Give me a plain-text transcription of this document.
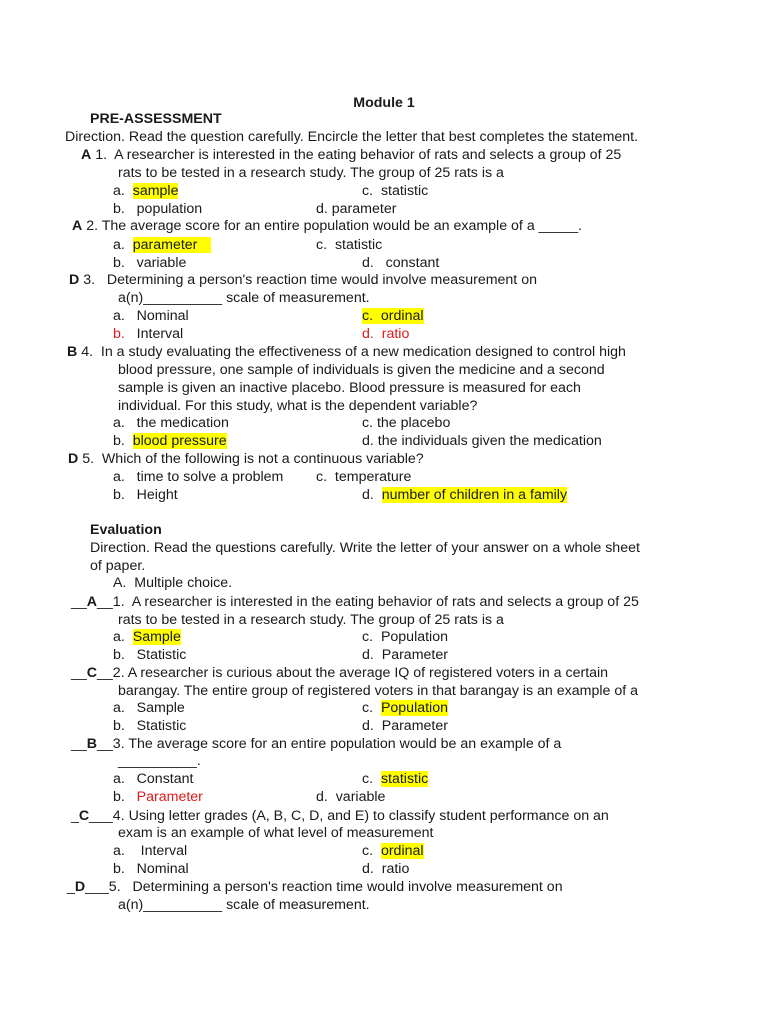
Module 1
PRE-ASSESSMENT
Direction. Read the question carefully. Encircle the letter that best completes the statement.
A 1.  A researcher is interested in the eating behavior of rats and selects a group of 25
rats to be tested in a research study. The group of 25 rats is a
a. sample	c. statistic
b. population	d. parameter
A 2. The average score for an entire population would be an example of a _____.
a. parameter	c. statistic
b. variable	d. constant
D 3.   Determining a person's reaction time would involve measurement on
a(n)__________ scale of measurement.
a. Nominal	c.  ordinal
b. Interval	d. ratio
B 4.  In a study evaluating the effectiveness of a new medication designed to control high
blood pressure, one sample of individuals is given the medicine and a second
sample is given an inactive placebo. Blood pressure is measured for each
individual. For this study, what is the dependent variable?
a. the medication	c. the placebo
b. blood pressure	d. the individuals given the medication
D 5.  Which of the following is not a continuous variable?
a. time to solve a problem c.  temperature
b. Height	d. number of children in a family
Evaluation
Direction. Read the questions carefully. Write the letter of your answer on a whole sheet
of paper.
A.  Multiple choice.
__A__1.  A researcher is interested in the eating behavior of rats and selects a group of 25
rats to be tested in a research study. The group of 25 rats is a
a. Sample	c. Population
b. Statistic	d. Parameter
__C__2. A researcher is curious about the average IQ of registered voters in a certain
barangay. The entire group of registered voters in that barangay is an example of a
a. Sample	c. Population
b. Statistic	d. Parameter
__B__3. The average score for an entire population would be an example of a
__________.
a. Constant	c. statistic
b. Parameter	d.  variable
_C___4. Using letter grades (A, B, C, D, and E) to classify student performance on an
exam is an example of what level of measurement
a. Interval	c. ordinal
b. Nominal	d. ratio
_D___5.   Determining a person's reaction time would involve measurement on
a(n)__________ scale of measurement.
